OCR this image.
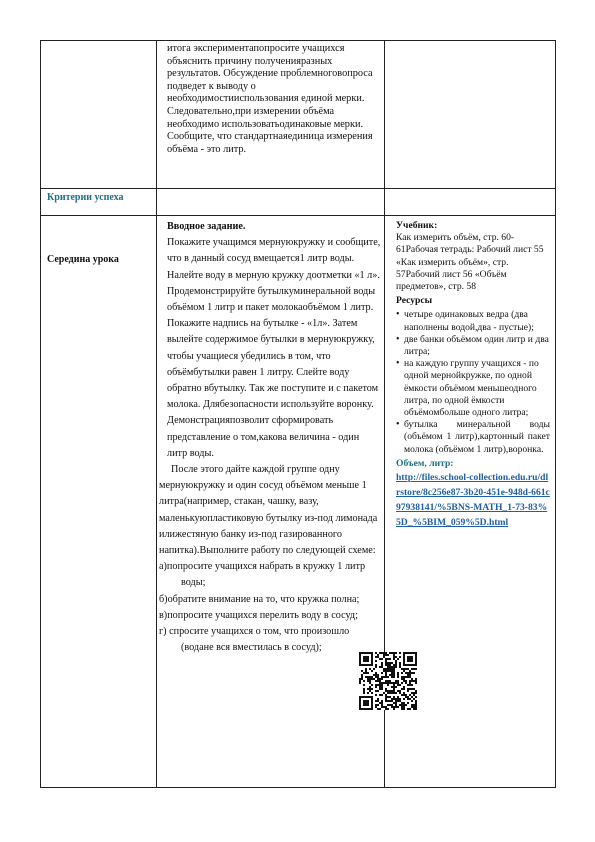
итога экспериментапопросите учащихся объяснить причину полученияразных результатов. Обсуждение проблемноговопроса подведет к выводу о необходимостииспользования единой мерки. Следовательно,при измерении объёма необходимо использоватьодинаковые мерки. Сообщите, что стандартнаяединица измерения объёма - это литр.
Критерии успеха
Середина урока
Вводное задание.
Покажите учащимся мернуюкружку и сообщите, что в данный сосуд вмещается1 литр воды. Налейте воду в мерную кружку доотметки «1 л». Продемонстрируйте бутылкуминеральной воды объёмом 1 литр и пакет молокаобъёмом 1 литр. Покажите надпись на бутылке - «1л». Затем вылейте содержимое бутылки в мернуюкружку, чтобы учащиеся убедились в том, что объёмбутылки равен 1 литру. Слейте воду обратно вбутылку. Так же поступите и с пакетом молока. Длябезопасности используйте воронку. Демонстрацияпозволит сформировать представление о том,какова величина - один литр воды.
После этого дайте каждой группе одну мернуюкружку и один сосуд объёмом меньше 1 литра(например, стакан, чашку, вазу, маленькуюпластиковую бутылку из-под лимонада илижестяную банку из-под газированного напитка).Выполните работу по следующей схеме:
а)попросите учащихся набрать в кружку 1 литр воды;
б)обратите внимание на то, что кружка полна;
в)попросите учащихся перелить воду в сосуд;
г) спросите учащихся о том, что произошло (водане вся вместилась в сосуд);
Учебник:
Как измерить объём, стр. 60-61Рабочая тетрадь: Рабочий лист 55 «Как измерить объём», стр. 57Рабочий лист 56 «Объём предметов», стр. 58
Ресурсы
• четыре одинаковых ведра (два наполнены водой,два - пустые);
• две банки объёмом один литр и два литра;
• на каждую группу учащихся - по одной мернойкружке, по одной ёмкости объёмом меньшеодного литра, по одной ёмкости объёмомбольше одного литра;
• бутылка минеральной воды (объёмом 1 литр),картонный пакет молока (объёмом 1 литр),воронка.
Объем, литр:
http://files.school-collection.edu.ru/dlrstore/8c256e87-3b20-451e-948d-661c97938141/%5BNS-MATH_1-73-83%5D_%5BIM_059%5D.html
